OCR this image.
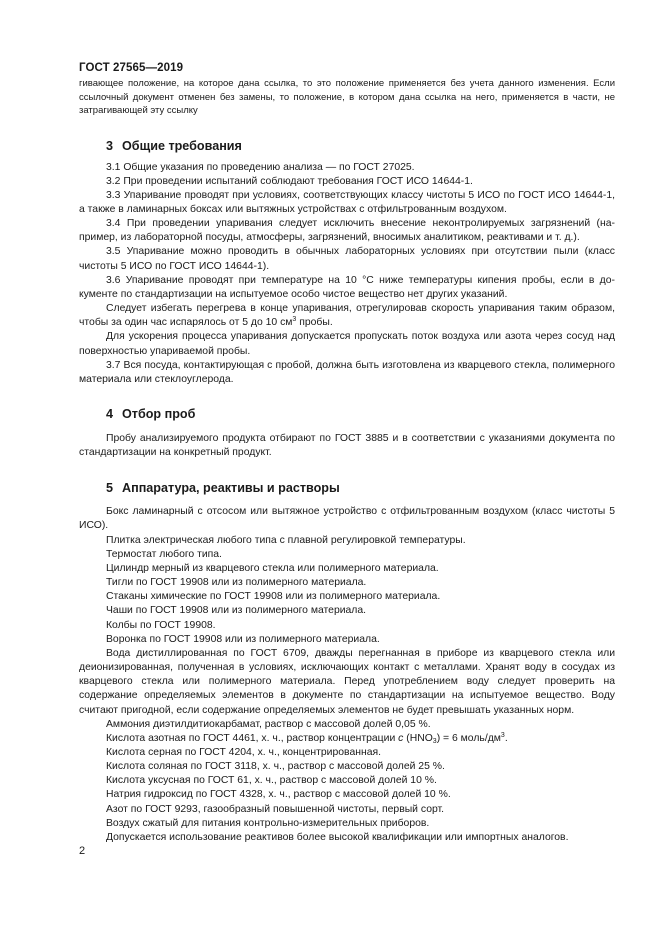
ГОСТ 27565—2019

гивающее положение, на которое дана ссылка, то это положение применяется без учета данного изменения. Если ссылочный документ отменен без замены, то положение, в котором дана ссылка на него, применяется в части, не затрагивающей эту ссылку

3 Общие требования

3.1 Общие указания по проведению анализа — по ГОСТ 27025.

3.2 При проведении испытаний соблюдают требования ГОСТ ИСО 14644-1.

3.3 Упаривание проводят при условиях, соответствующих классу чистоты 5 ИСО по ГОСТ ИСО 14644-1, а также в ламинарных боксах или вытяжных устройствах с отфильтрованным воздухом.

3.4 При проведении упаривания следует исключить внесение неконтролируемых загрязнений (например, из лабораторной посуды, атмосферы, загрязнений, вносимых аналитиком, реактивами и т. д.).

3.5 Упаривание можно проводить в обычных лабораторных условиях при отсутствии пыли (класс чистоты 5 ИСО по ГОСТ ИСО 14644-1).

3.6 Упаривание проводят при температуре на 10 °C ниже температуры кипения пробы, если в документе по стандартизации на испытуемое особо чистое вещество нет других указаний.

Следует избегать перегрева в конце упаривания, отрегулировав скорость упаривания таким образом, чтобы за один час испарялось от 5 до 10 $см^3$ пробы.

Для ускорения процесса упаривания допускается пропускать поток воздуха или азота через сосуд над поверхностью упариваемой пробы.

3.7 Вся посуда, контактирующая с пробой, должна быть изготовлена из кварцевого стекла, полимерного материала или стеклоуглерода.

4 Отбор проб

Пробу анализируемого продукта отбирают по ГОСТ 3885 и в соответствии с указаниями документа по стандартизации на конкретный продукт.

5 Аппаратура, реактивы и растворы

Бокс ламинарный с отсосом или вытяжное устройство с отфильтрованным воздухом (класс чистоты 5 ИСО).

Плитка электрическая любого типа с плавной регулировкой температуры.

Термостат любого типа.

Цилиндр мерный из кварцевого стекла или полимерного материала.

Тигли по ГОСТ 19908 или из полимерного материала.

Стаканы химические по ГОСТ 19908 или из полимерного материала.

Чаши по ГОСТ 19908 или из полимерного материала.

Колбы по ГОСТ 19908.

Воронка по ГОСТ 19908 или из полимерного материала.

Вода дистиллированная по ГОСТ 6709, дважды перегнанная в приборе из кварцевого стекла или деионизированная, полученная в условиях, исключающих контакт с металлами. Хранят воду в сосудах из кварцевого стекла или полимерного материала. Перед употреблением воду следует проверить на содержание определяемых элементов в документе по стандартизации на испытуемое вещество. Воду считают пригодной, если содержание определяемых элементов не будет превышать указанных норм.

Аммония диэтилдитиокарбамат, раствор с массовой долей 0,05 %.

Кислота азотная по ГОСТ 4461, х. ч., раствор концентрации c $(HNO_3) = 6$ моль/$дм^3$.

Кислота серная по ГОСТ 4204, х. ч., концентрированная.

Кислота соляная по ГОСТ 3118, х. ч., раствор с массовой долей 25 %.

Кислота уксусная по ГОСТ 61, х. ч., раствор с массовой долей 10 %.

Натрия гидроксид по ГОСТ 4328, х. ч., раствор с массовой долей 10 %.

Азот по ГОСТ 9293, газообразный повышенной чистоты, первый сорт.

Воздух сжатый для питания контрольно-измерительных приборов.

Допускается использование реактивов более высокой квалификации или импортных аналогов.

2
